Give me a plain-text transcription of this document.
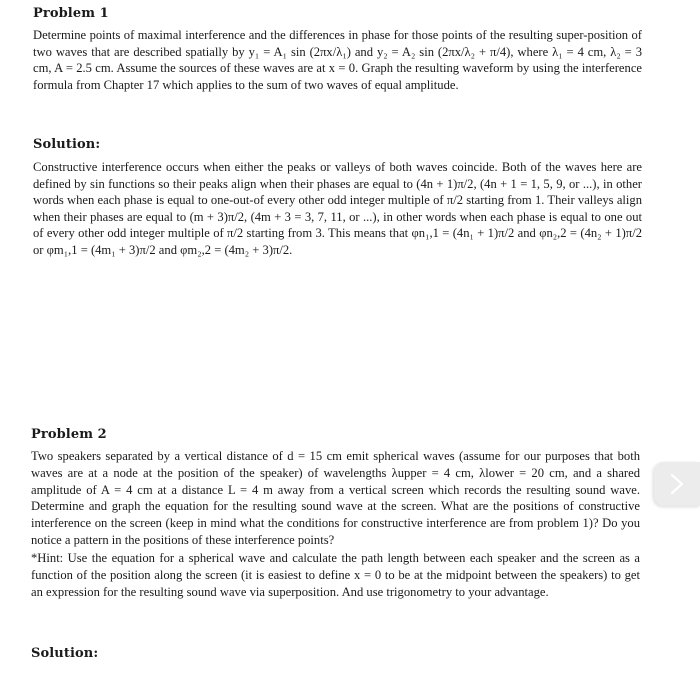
Problem 1

Determine points of maximal interference and the differences in phase for those points of the resulting super-position of two waves that are described spatially by y₁ = A₁ sin (2πx/λ₁) and y₂ = A₂ sin (2πx/λ₂ + π/4), where λ₁ = 4 cm, λ₂ = 3 cm, A = 2.5 cm. Assume the sources of these waves are at x = 0. Graph the resulting waveform by using the interference formula from Chapter 17 which applies to the sum of two waves of equal amplitude.

Solution:

Constructive interference occurs when either the peaks or valleys of both waves coincide. Both of the waves here are defined by sin functions so their peaks align when their phases are equal to (4n + 1)π/2, (4n + 1 = 1, 5, 9, or ...), in other words when each phase is equal to one-out-of every other odd integer multiple of π/2 starting from 1. Their valleys align when their phases are equal to (m + 3)π/2, (4m + 3 = 3, 7, 11, or ...), in other words when each phase is equal to one out of every other odd integer multiple of π/2 starting from 3. This means that φn₁,1 = (4n₁ + 1)π/2 and φn₂,2 = (4n₂ + 1)π/2 or φm₁,1 = (4m₁ + 3)π/2 and φm₂,2 = (4m₂ + 3)π/2.

Problem 2

Two speakers separated by a vertical distance of d = 15 cm emit spherical waves (assume for our purposes that both waves are at a node at the position of the speaker) of wavelengths λupper = 4 cm, λlower = 20 cm, and a shared amplitude of A = 4 cm at a distance L = 4 m away from a vertical screen which records the resulting sound wave. Determine and graph the equation for the resulting sound wave at the screen. What are the positions of constructive interference on the screen (keep in mind what the conditions for constructive interference are from problem 1)? Do you notice a pattern in the positions of these interference points?

*Hint: Use the equation for a spherical wave and calculate the path length between each speaker and the screen as a function of the position along the screen (it is easiest to define x = 0 to be at the midpoint between the speakers) to get an expression for the resulting sound wave via superposition. And use trigonometry to your advantage.

Solution:
